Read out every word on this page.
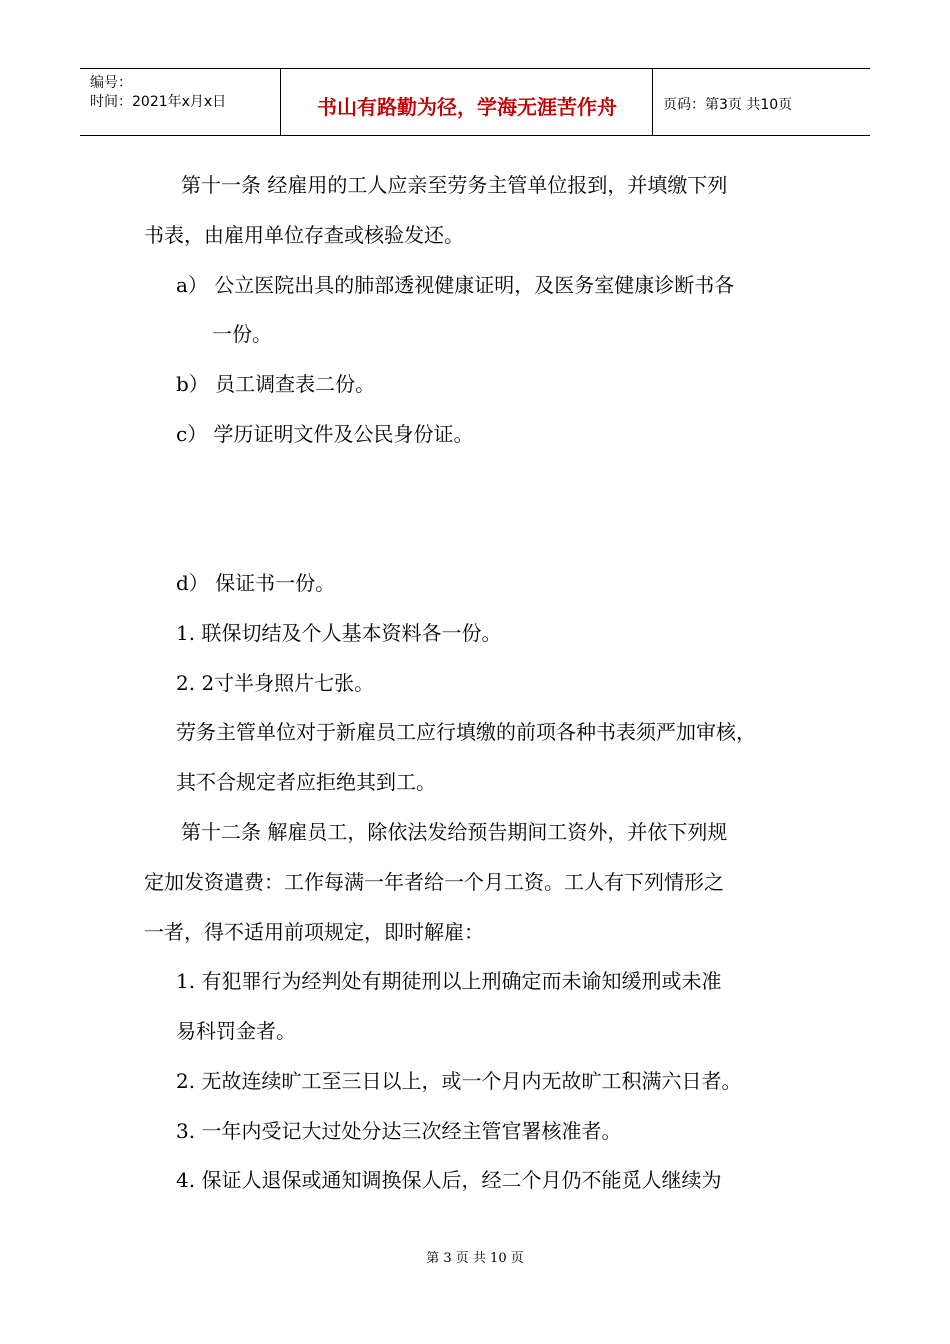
编号：
时间：2021年x月x日	书山有路勤为径，学海无涯苦作舟	页码：第3页 共10页
第十一条 经雇用的工人应亲至劳务主管单位报到，并填缴下列
书表，由雇用单位存查或核验发还。
a） 公立医院出具的肺部透视健康证明，及医务室健康诊断书各
一份。
b） 员工调查表二份。
c） 学历证明文件及公民身份证。
d） 保证书一份。
1. 联保切结及个人基本资料各一份。
2. 2寸半身照片七张。
劳务主管单位对于新雇员工应行填缴的前项各种书表须严加审核，
其不合规定者应拒绝其到工。
第十二条 解雇员工，除依法发给预告期间工资外，并依下列规
定加发资遣费：工作每满一年者给一个月工资。工人有下列情形之
一者，得不适用前项规定，即时解雇：
1. 有犯罪行为经判处有期徒刑以上刑确定而未谕知缓刑或未准
易科罚金者。
2. 无故连续旷工至三日以上，或一个月内无故旷工积满六日者。
3. 一年内受记大过处分达三次经主管官署核准者。
4. 保证人退保或通知调换保人后，经二个月仍不能觅人继续为
第 3 页 共 10 页
